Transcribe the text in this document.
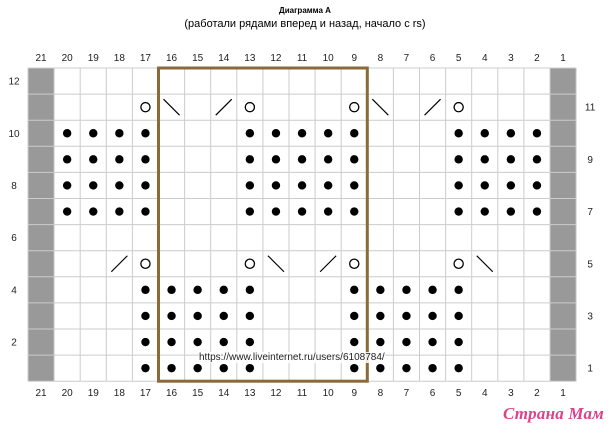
Диаграмма А
(работали рядами вперед и назад, начало с rs)
21
21
20
20
19
19
18
18
17
17
16
16
15
15
14
14
13
13
12
12
11
11
10
10
9
9
8
8
7
7
6
6
5
5
4
4
3
3
2
2
1
1
12
10
8
6
4
2
11
9
7
5
3
1
https://www.liveinternet.ru/users/6108784/
Страна Мам
